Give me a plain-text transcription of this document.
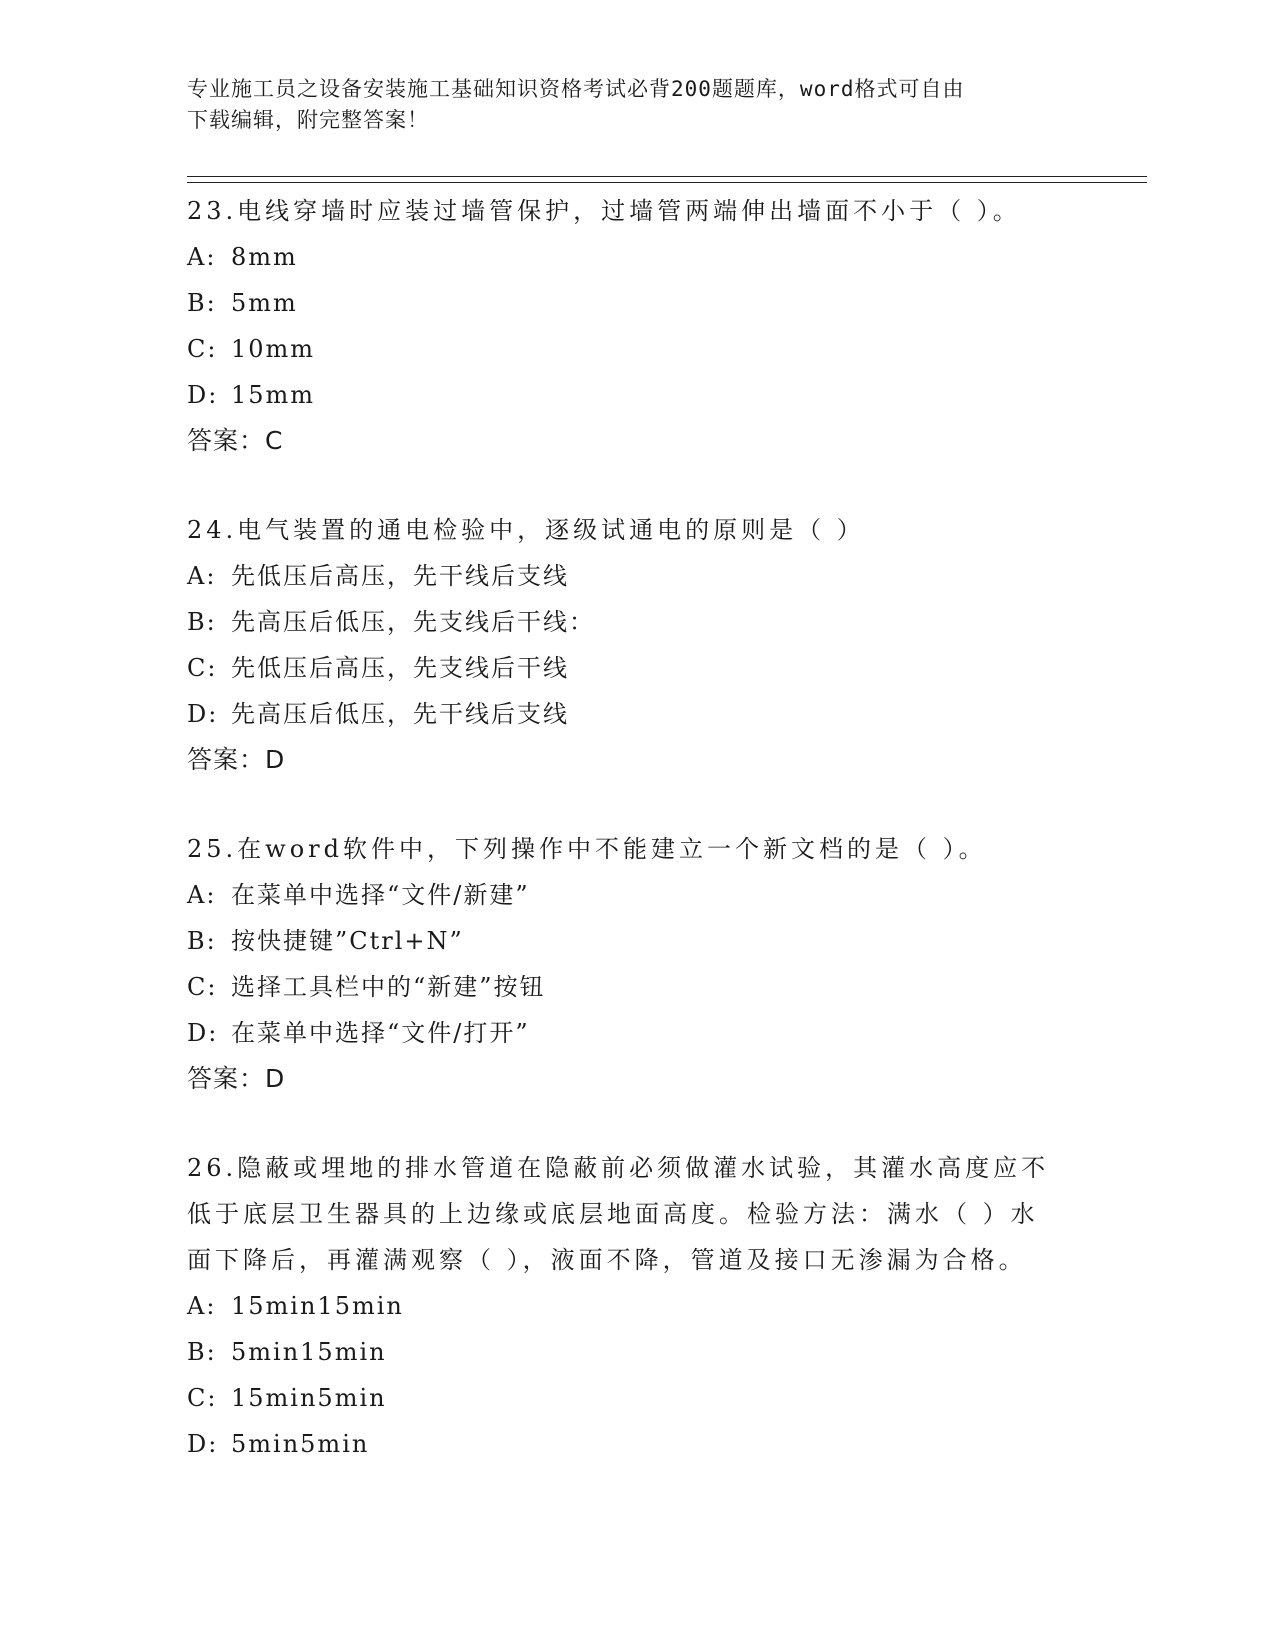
专业施工员之设备安装施工基础知识资格考试必背200题题库，word格式可自由
下载编辑，附完整答案！
23.电线穿墙时应装过墙管保护，过墙管两端伸出墙面不小于（ ）。
A: 8mm
B: 5mm
C: 10mm
D: 15mm
答案：C
24.电气装置的通电检验中，逐级试通电的原则是（ ）
A: 先低压后高压，先干线后支线
B: 先高压后低压，先支线后干线：
C: 先低压后高压，先支线后干线
D: 先高压后低压，先干线后支线
答案：D
25.在word软件中，下列操作中不能建立一个新文档的是（ ）。
A: 在菜单中选择“文件/新建”
B: 按快捷键”Ctrl+N”
C: 选择工具栏中的“新建”按钮
D: 在菜单中选择“文件/打开”
答案：D
26.隐蔽或埋地的排水管道在隐蔽前必须做灌水试验，其灌水高度应不
低于底层卫生器具的上边缘或底层地面高度。检验方法：满水（ ）水
面下降后，再灌满观察（ ），液面不降，管道及接口无渗漏为合格。
A: 15min15min
B: 5min15min
C: 15min5min
D: 5min5min
